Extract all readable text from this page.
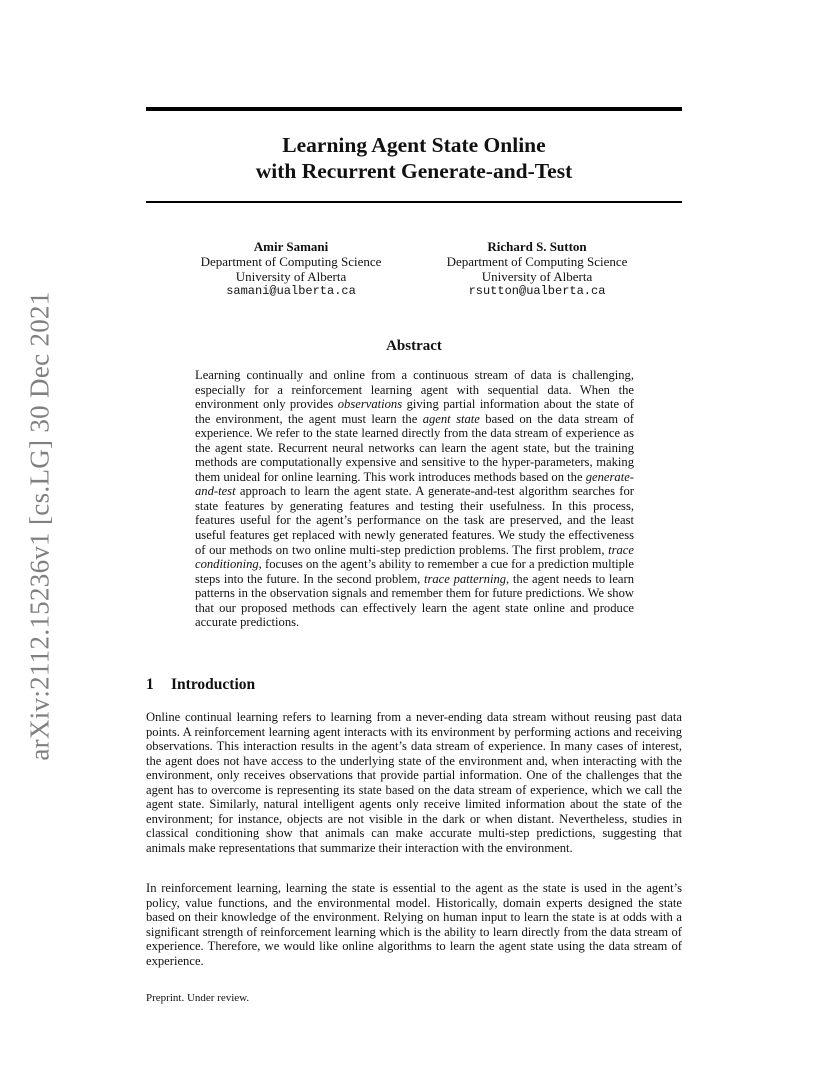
arXiv:2112.15236v1 [cs.LG] 30 Dec 2021
Learning Agent State Online
with Recurrent Generate-and-Test
Amir Samani
Department of Computing Science
University of Alberta
samani@ualberta.ca
Richard S. Sutton
Department of Computing Science
University of Alberta
rsutton@ualberta.ca
Abstract

Learning continually and online from a continuous stream of data is challenging, especially for a reinforcement learning agent with sequential data. When the environment only provides observations giving partial information about the state of the environment, the agent must learn the agent state based on the data stream of experience. We refer to the state learned directly from the data stream of experience as the agent state. Recurrent neural networks can learn the agent state, but the training methods are computationally expensive and sensitive to the hyper-parameters, making them unideal for online learning. This work introduces methods based on the generate-and-test approach to learn the agent state. A generate-and-test algorithm searches for state features by generating features and testing their usefulness. In this process, features useful for the agent’s performance on the task are preserved, and the least useful features get replaced with newly generated features. We study the effectiveness of our methods on two online multi-step prediction problems. The first problem, trace conditioning, focuses on the agent’s ability to remember a cue for a prediction multiple steps into the future. In the second problem, trace patterning, the agent needs to learn patterns in the observation signals and remember them for future predictions. We show that our proposed methods can effectively learn the agent state online and produce accurate predictions.

1 Introduction

Online continual learning refers to learning from a never-ending data stream without reusing past data points. A reinforcement learning agent interacts with its environment by performing actions and receiving observations. This interaction results in the agent’s data stream of experience. In many cases of interest, the agent does not have access to the underlying state of the environment and, when interacting with the environment, only receives observations that provide partial information. One of the challenges that the agent has to overcome is representing its state based on the data stream of experience, which we call the agent state. Similarly, natural intelligent agents only receive limited information about the state of the environment; for instance, objects are not visible in the dark or when distant. Nevertheless, studies in classical conditioning show that animals can make accurate multi-step predictions, suggesting that animals make representations that summarize their interaction with the environment.

In reinforcement learning, learning the state is essential to the agent as the state is used in the agent’s policy, value functions, and the environmental model. Historically, domain experts designed the state based on their knowledge of the environment. Relying on human input to learn the state is at odds with a significant strength of reinforcement learning which is the ability to learn directly from the data stream of experience. Therefore, we would like online algorithms to learn the agent state using the data stream of experience.

Preprint. Under review.
